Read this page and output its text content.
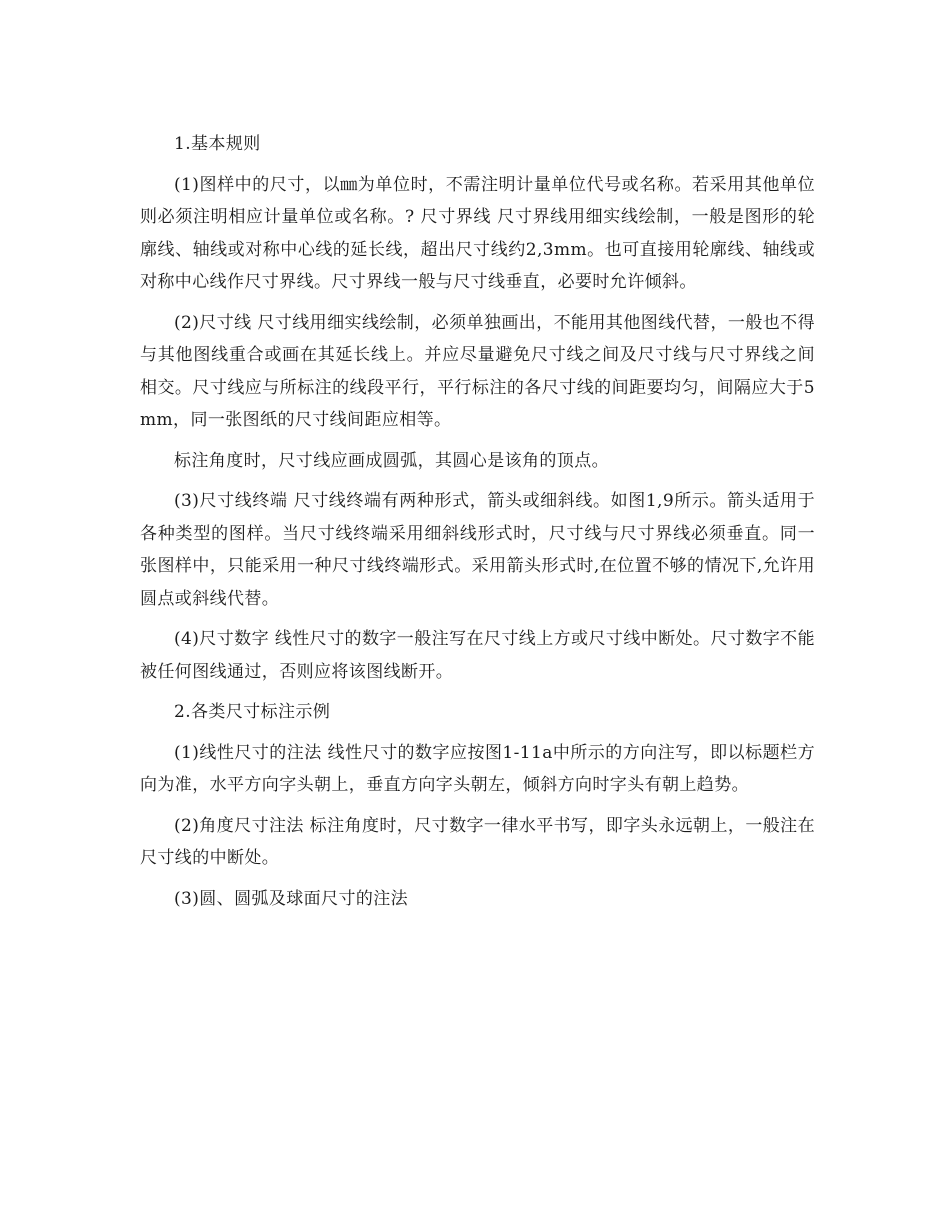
1.基本规则

(1)图样中的尺寸，以㎜为单位时，不需注明计量单位代号或名称。若采用其他单位则必须注明相应计量单位或名称。? 尺寸界线 尺寸界线用细实线绘制，一般是图形的轮廓线、轴线或对称中心线的延长线，超出尺寸线约2,3mm。也可直接用轮廓线、轴线或对称中心线作尺寸界线。尺寸界线一般与尺寸线垂直，必要时允许倾斜。

(2)尺寸线 尺寸线用细实线绘制，必须单独画出，不能用其他图线代替，一般也不得与其他图线重合或画在其延长线上。并应尽量避免尺寸线之间及尺寸线与尺寸界线之间相交。尺寸线应与所标注的线段平行，平行标注的各尺寸线的间距要均匀，间隔应大于5mm，同一张图纸的尺寸线间距应相等。

标注角度时，尺寸线应画成圆弧，其圆心是该角的顶点。

(3)尺寸线终端 尺寸线终端有两种形式，箭头或细斜线。如图1,9所示。箭头适用于各种类型的图样。当尺寸线终端采用细斜线形式时，尺寸线与尺寸界线必须垂直。同一张图样中，只能采用一种尺寸线终端形式。采用箭头形式时,在位置不够的情况下,允许用圆点或斜线代替。

(4)尺寸数字 线性尺寸的数字一般注写在尺寸线上方或尺寸线中断处。尺寸数字不能被任何图线通过，否则应将该图线断开。

2.各类尺寸标注示例

(1)线性尺寸的注法 线性尺寸的数字应按图1-11a中所示的方向注写，即以标题栏方向为准，水平方向字头朝上，垂直方向字头朝左，倾斜方向时字头有朝上趋势。

(2)角度尺寸注法 标注角度时，尺寸数字一律水平书写，即字头永远朝上，一般注在尺寸线的中断处。

(3)圆、圆弧及球面尺寸的注法
